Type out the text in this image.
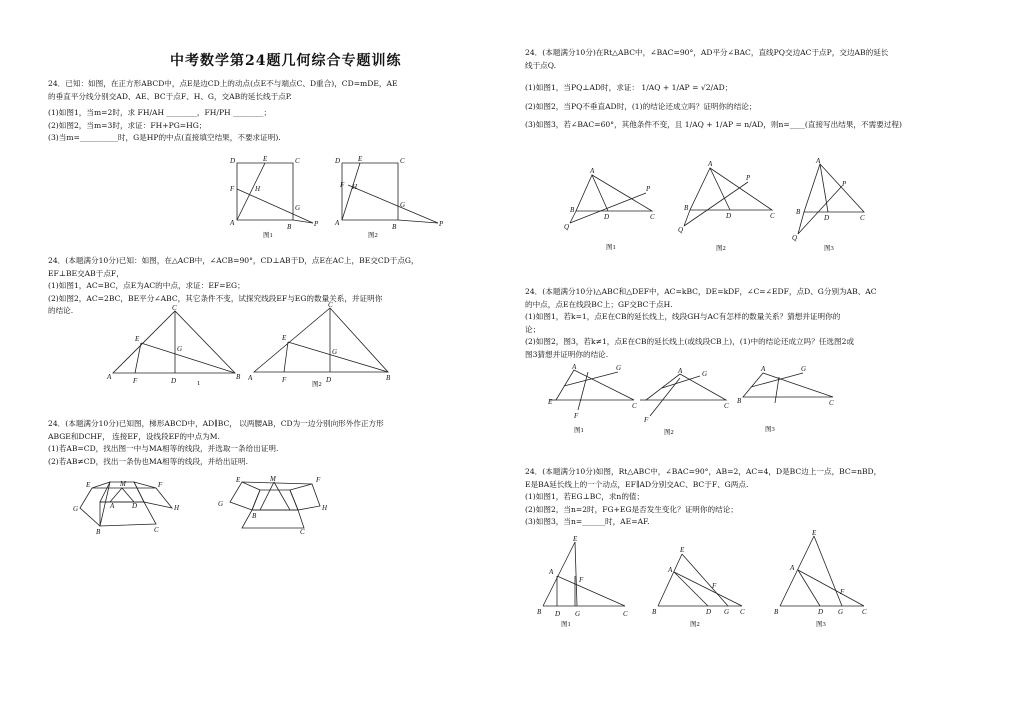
中考数学第24题几何综合专题训练
24．已知：如图，在正方形ABCD中，点E是边CD上的动点(点E不与端点C、D重合)，CD=mDE，AE
的垂直平分线分别交AD、AE、BC于点F、H、G，交AB的延长线于点P.
(1)如图1，当m=2时，求 FH/AH ________，FH/PH ________；
(2)如图2，当m=3时，求证：FH+PG=HG；
(3)当m=__________时，G是HP的中点(直接填空结果，不要求证明).
D	E	C
F	H
G
A	B	P
图1
D	E	C
F H
G
A	B	P
图2
24．(本题满分10分)已知：如图，在△ACB中，∠ACB=90°，CD⊥AB于D，点E在AC上，BE交CD于点G，
EF⊥BE交AB于点F，
(1)如图1，AC=BC，点E为AC的中点，求证：EF=EG；
(2)如图2，AC=2BC，BE平分∠ABC，其它条件不变，试探究线段EF与EG的数量关系，并证明你
的结论.
A	B
C
E
G
F	D	1
A	B
C
E
G
F	D
图2
24．(本题满分10分)已知图，梯形ABCD中，AD∥BC， 以两腰AB，CD为一边分别向形外作正方形
ABGE和DCHF， 连接EF，设线段EF的中点为M.
(1)若AB=CD，找出图一中与MA相等的线段，并选取一条给出证明.
(2)若AB≠CD，找出一条伪也MA相等的线段，并给出证明.
E	M	F
G	A	D	H
B	C
G
E	M	F
B
C
H
24．(本题满分10分)在Rt△ABC中，∠BAC=90°，AD平分∠BAC，直线PQ交边AC于点P，交边AB的延长
线于点Q.
(1)如图1，当PQ⊥AD时，求证： 1/AQ + 1/AP = √2/AD；
(2)如图2，当PQ不垂直AD时，(1)的结论还成立吗？证明你的结论；
(3)如图3，若∠BAC=60°，其他条件不变，且 1/AQ + 1/AP = n/AD，则n=____(直接写出结果，不需要过程)
A
P
B
D	C
Q
图1
A
P
B
D	C
Q
图2
A
P
B
D	C
Q
图3
24．(本题满分10分)△ABC和△DEF中，AC=kBC，DE=kDF，∠C=∠EDF，点D、G分别为AB、AC
的中点，点E在线段BC上；GF交BC于点H.
(1)如图1，若k=1，点E在CB的延长线上，线段GH与AC有怎样的数量关系？猜想并证明你的
论；
(2)如图2，图3，若k≠1，点E在CB的延长线上(或线段CB上)，(1)中的结论还成立吗？任选图2或
图3猜想并证明你的结论.
A	G
E	C
F
图1
A	G
C
F
图2
A	G
B	C
图3
24．(本题满分10分)如图，Rt△ABC中，∠BAC=90°，AB=2，AC=4，D是BC边上一点，BC=nBD，
E是BA延长线上的一个动点，EF∥AD分别交AC、BC于F、G两点.
(1)如图1，若EG⊥BC，求n的值；
(2)如图2，当n=2时，FG+EG是否发生变化？证明你的结论；
(3)如图3，当n=______时，AE=AF.
E
A
F
B D G	C
图1
E
A
F
B	D G C
图2
E
A
F
B	D G	C
图3
